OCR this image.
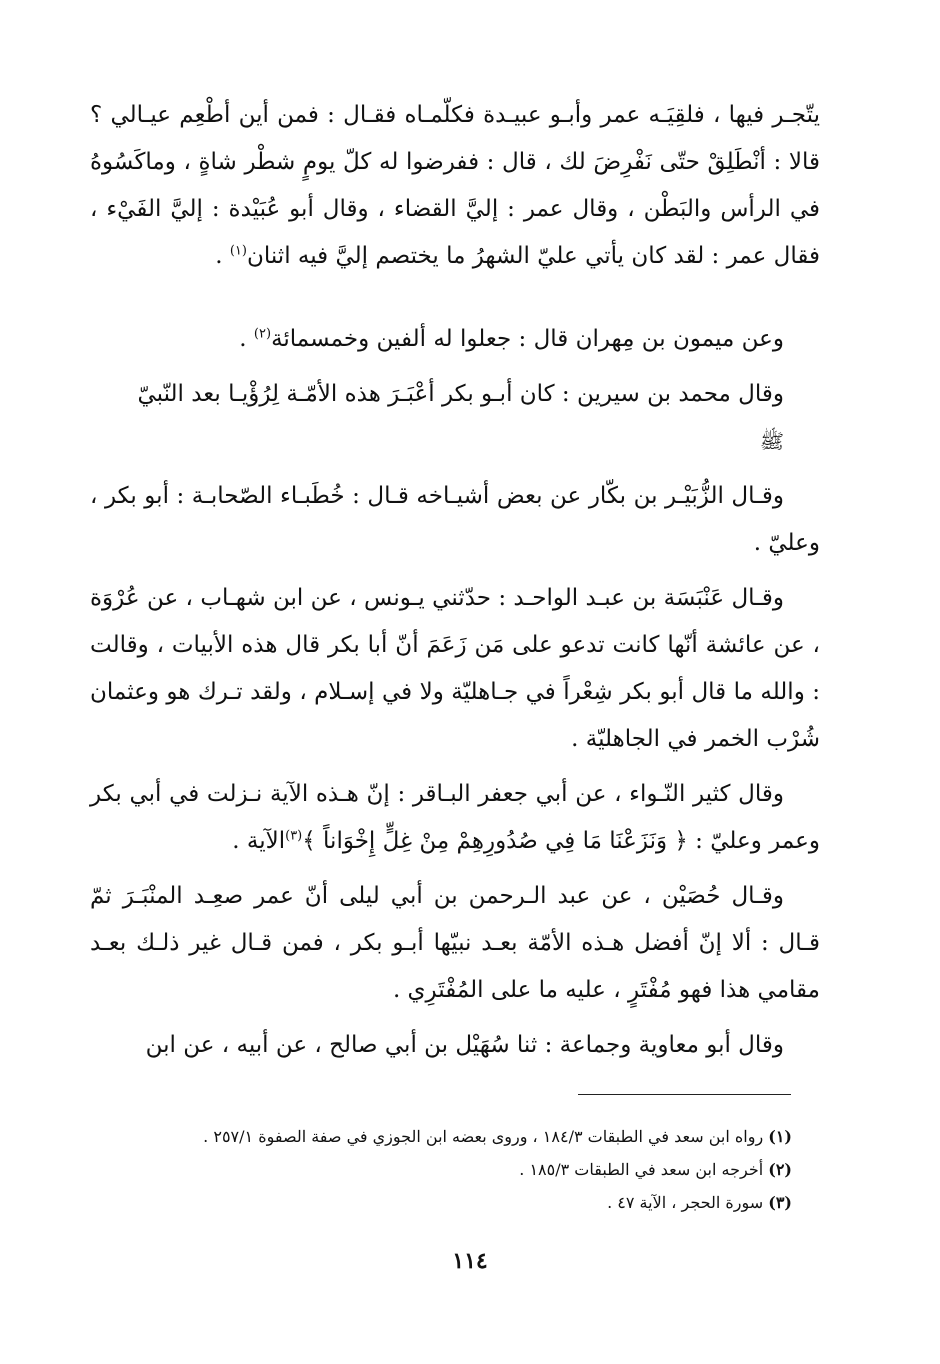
يتّجـر فيها ، فلقِيَـه عمر وأبـو عبيـدة فكلّمـاه فقـال : فمن أين أطْعِم عيـالي ؟ قالا : أنْطَلِقْ حتّى نَفْرِضَ لك ، قال : ففرضوا له كلّ يومٍ شطْر شاةٍ ، وماكَسُوهُ في الرأس والبَطْن ، وقال عمر : إليَّ القضاء ، وقال أبو عُبَيْدة : إليَّ الفَيْء ، فقال عمر : لقد كان يأتي عليّ الشهرُ ما يختصم إليَّ فيه اثنان$^{(١)}$ .

وعن ميمون بن مِهران قال : جعلوا له ألفين وخمسمائة$^{(٢)}$ .

وقال محمد بن سيرين : كان أبـو بكر أعْبَـرَ هذه الأمّـة لِرُؤْيـا بعد النّبيّ
ﷺ

وقـال الزُّبَيْـر بن بكّار عن بعض أشيـاخه قـال : خُطَبـاء الصّحابـة : أبو بكر ، وعليّ .

وقـال عَنْبَسَة بن عبـد الواحـد : حدّثني يـونس ، عن ابن شهـاب ، عن عُرْوَة ، عن عائشة أنّها كانت تدعو على مَن زَعَمَ أنّ أبا بكر قال هذه الأبيات ، وقالت : والله ما قال أبو بكر شِعْراً في جـاهليّة ولا في إسـلام ، ولقد تـرك هو وعثمان شُرْب الخمر في الجاهليّة .

وقال كثير النّـواء ، عن أبي جعفر البـاقر : إنّ هـذه الآية نـزلت في أبي بكر وعمر وعليّ : ﴿ وَنَزَعْنَا مَا فِي صُدُورِهِمْ مِنْ غِلٍّ إِخْوَاناً ﴾$^{(٣)}$الآية .

وقـال حُصَيْن ، عن عبد الـرحمن بن أبي ليلى أنّ عمر صعِـد المنْبَـرَ ثمّ قـال : ألا إنّ أفضل هـذه الأمّة بعـد نبيّها أبـو بكر ، فمن قـال غير ذلـك بعـد مقامي هذا فهو مُفْتَرٍ ، عليه ما على المُفْتَرِي .

وقال أبو معاوية وجماعة : ثنا سُهَيْل بن أبي صالح ، عن أبيه ، عن ابن

(١) رواه ابن سعد في الطبقات ١٨٤/٣ ، وروى بعضه ابن الجوزي في صفة الصفوة ٢٥٧/١ .

(٢) أخرجه ابن سعد في الطبقات ١٨٥/٣ .

(٣) سورة الحجر ، الآية ٤٧ .

١١٤
